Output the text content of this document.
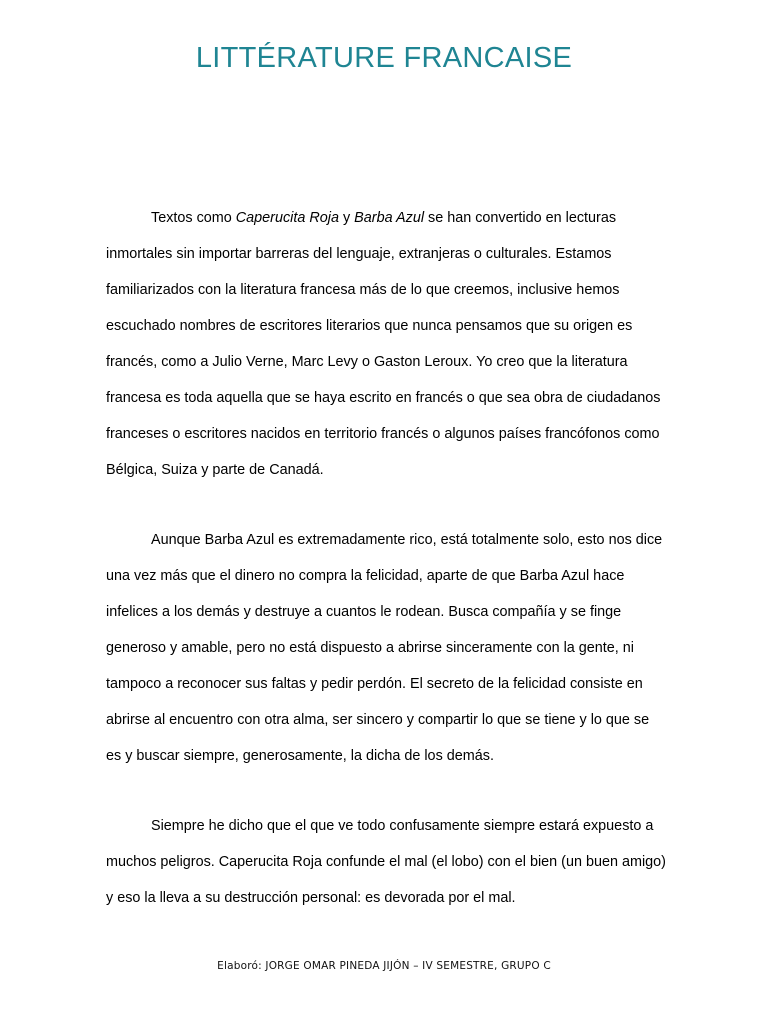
LITTÉRATURE FRANCAISE

Textos como Caperucita Roja y Barba Azul se han convertido en lecturas inmortales sin importar barreras del lenguaje, extranjeras o culturales. Estamos familiarizados con la literatura francesa más de lo que creemos, inclusive hemos escuchado nombres de escritores literarios que nunca pensamos que su origen es francés, como a Julio Verne, Marc Levy o Gaston Leroux. Yo creo que la literatura francesa es toda aquella que se haya escrito en francés o que sea obra de ciudadanos franceses o escritores nacidos en territorio francés o algunos países francófonos como Bélgica, Suiza y parte de Canadá.

Aunque Barba Azul es extremadamente rico, está totalmente solo, esto nos dice una vez más que el dinero no compra la felicidad, aparte de que Barba Azul hace infelices a los demás y destruye a cuantos le rodean. Busca compañía y se finge generoso y amable, pero no está dispuesto a abrirse sinceramente con la gente, ni tampoco a reconocer sus faltas y pedir perdón. El secreto de la felicidad consiste en abrirse al encuentro con otra alma, ser sincero y compartir lo que se tiene y lo que se es y buscar siempre, generosamente, la dicha de los demás.

Siempre he dicho que el que ve todo confusamente siempre estará expuesto a muchos peligros. Caperucita Roja confunde el mal (el lobo) con el bien (un buen amigo) y eso la lleva a su destrucción personal: es devorada por el mal.

Elaboró: JORGE OMAR PINEDA JIJÓN – IV SEMESTRE, GRUPO C
